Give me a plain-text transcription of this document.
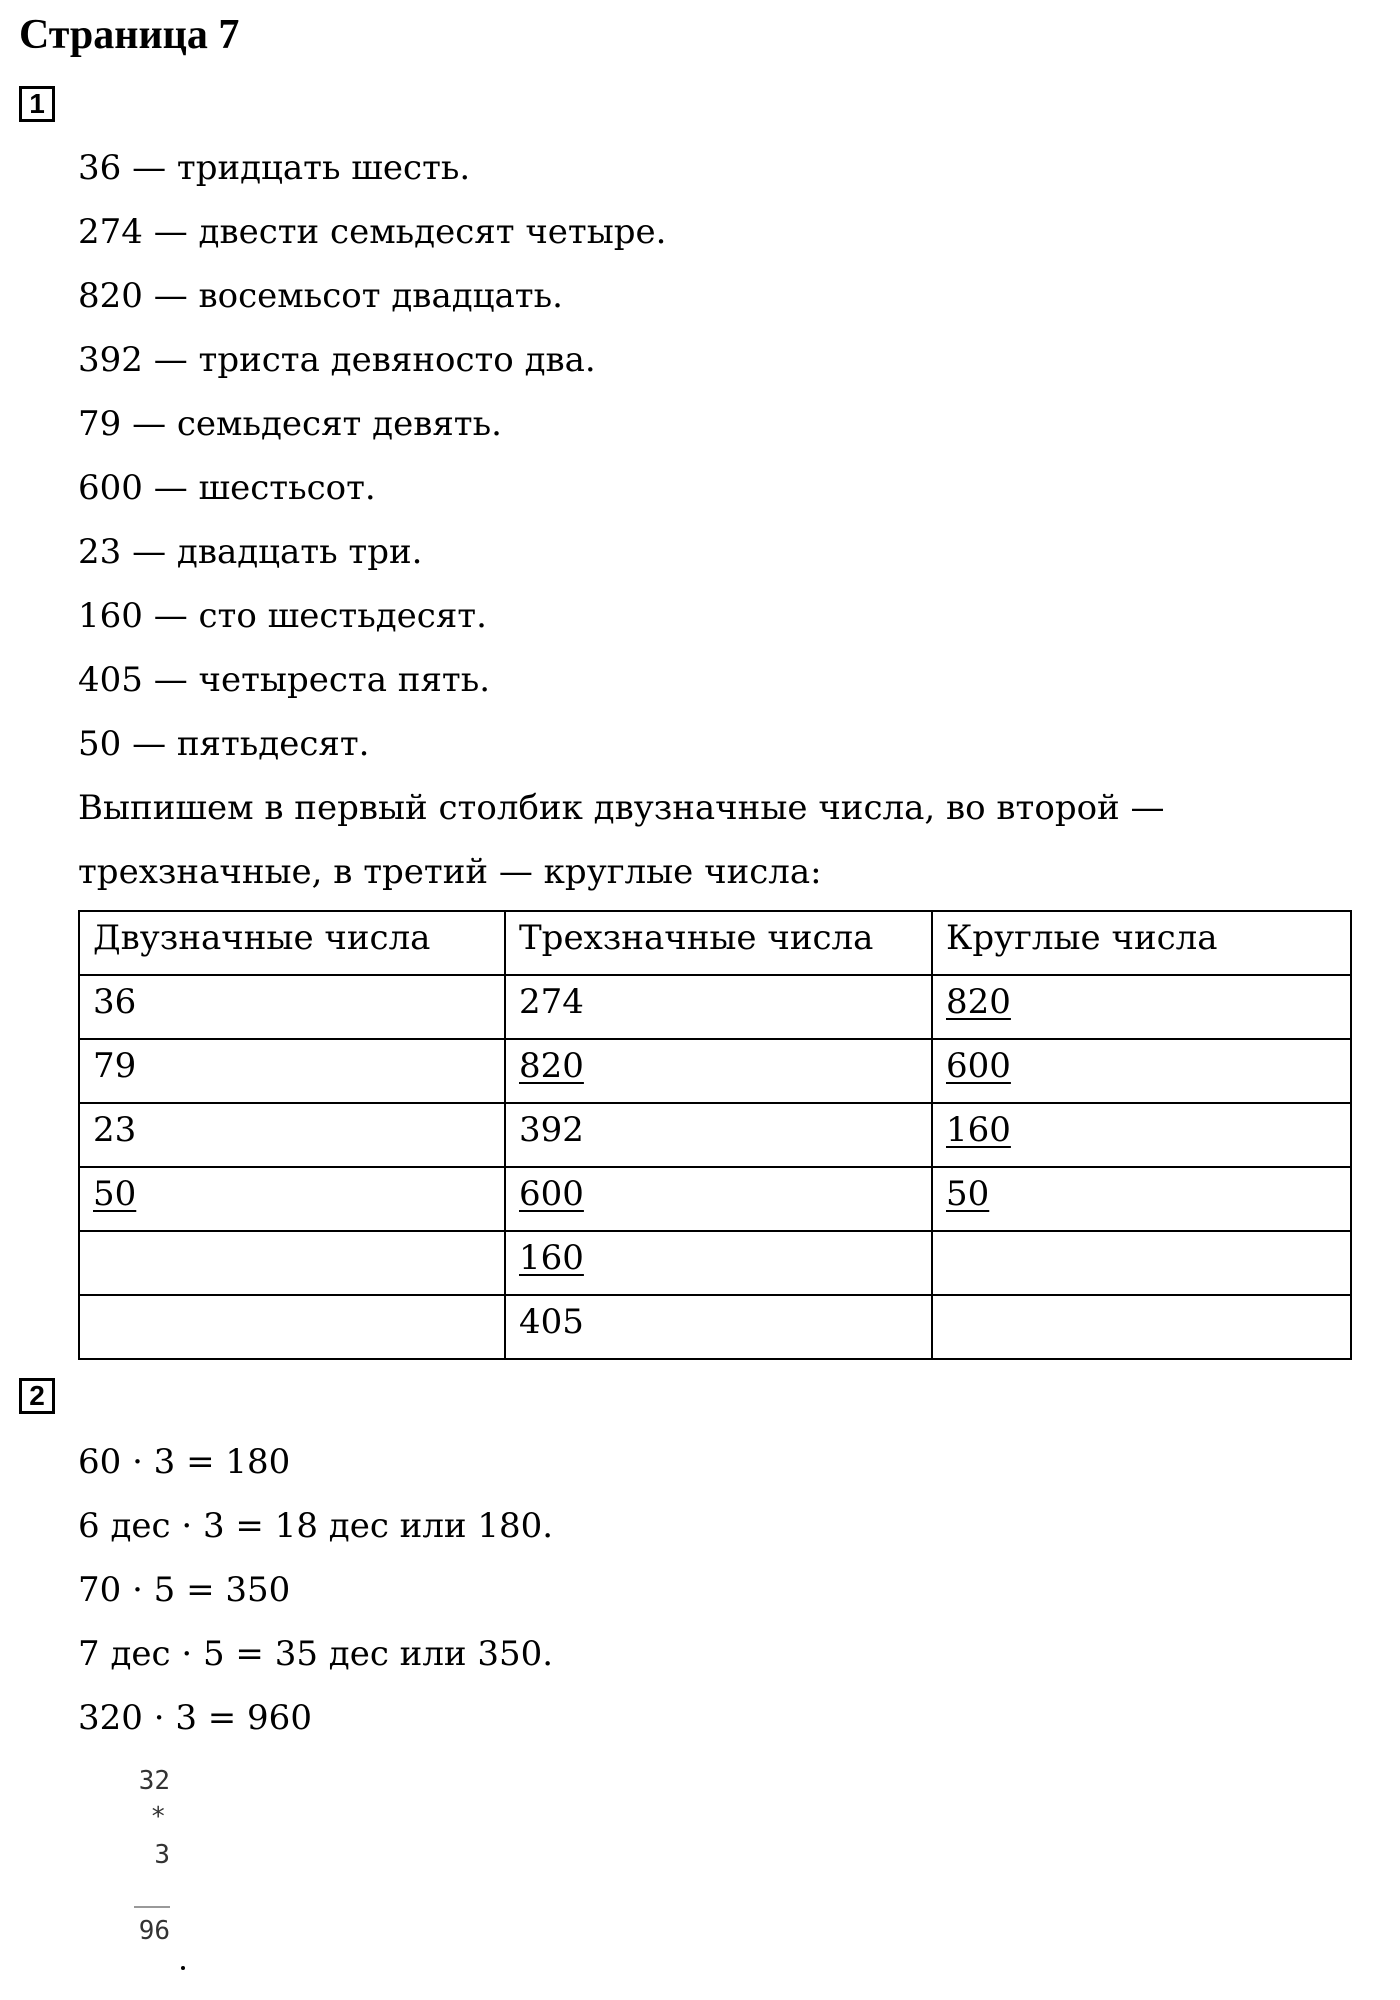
Страница 7
1
36 — тридцать шесть.
274 — двести семьдесят четыре.
820 — восемьсот двадцать.
392 — триста девяносто два.
79 — семьдесят девять.
600 — шестьсот.
23 — двадцать три.
160 — сто шестьдесят.
405 — четыреста пять.
50 — пятьдесят.
Выпишем в первый столбик двузначные числа, во второй —
трехзначные, в третий — круглые числа:
Двузначные числа	Трехзначные числа	Круглые числа
36	274	820
79	820	600
23	392	160
50	600	50
	160	
	405	
2
60 · 3 = 180
6 дес · 3 = 18 дес или 180.
70 · 5 = 350
7 дес · 5 = 35 дес или 350.
320 · 3 = 960
32
*
3
96
